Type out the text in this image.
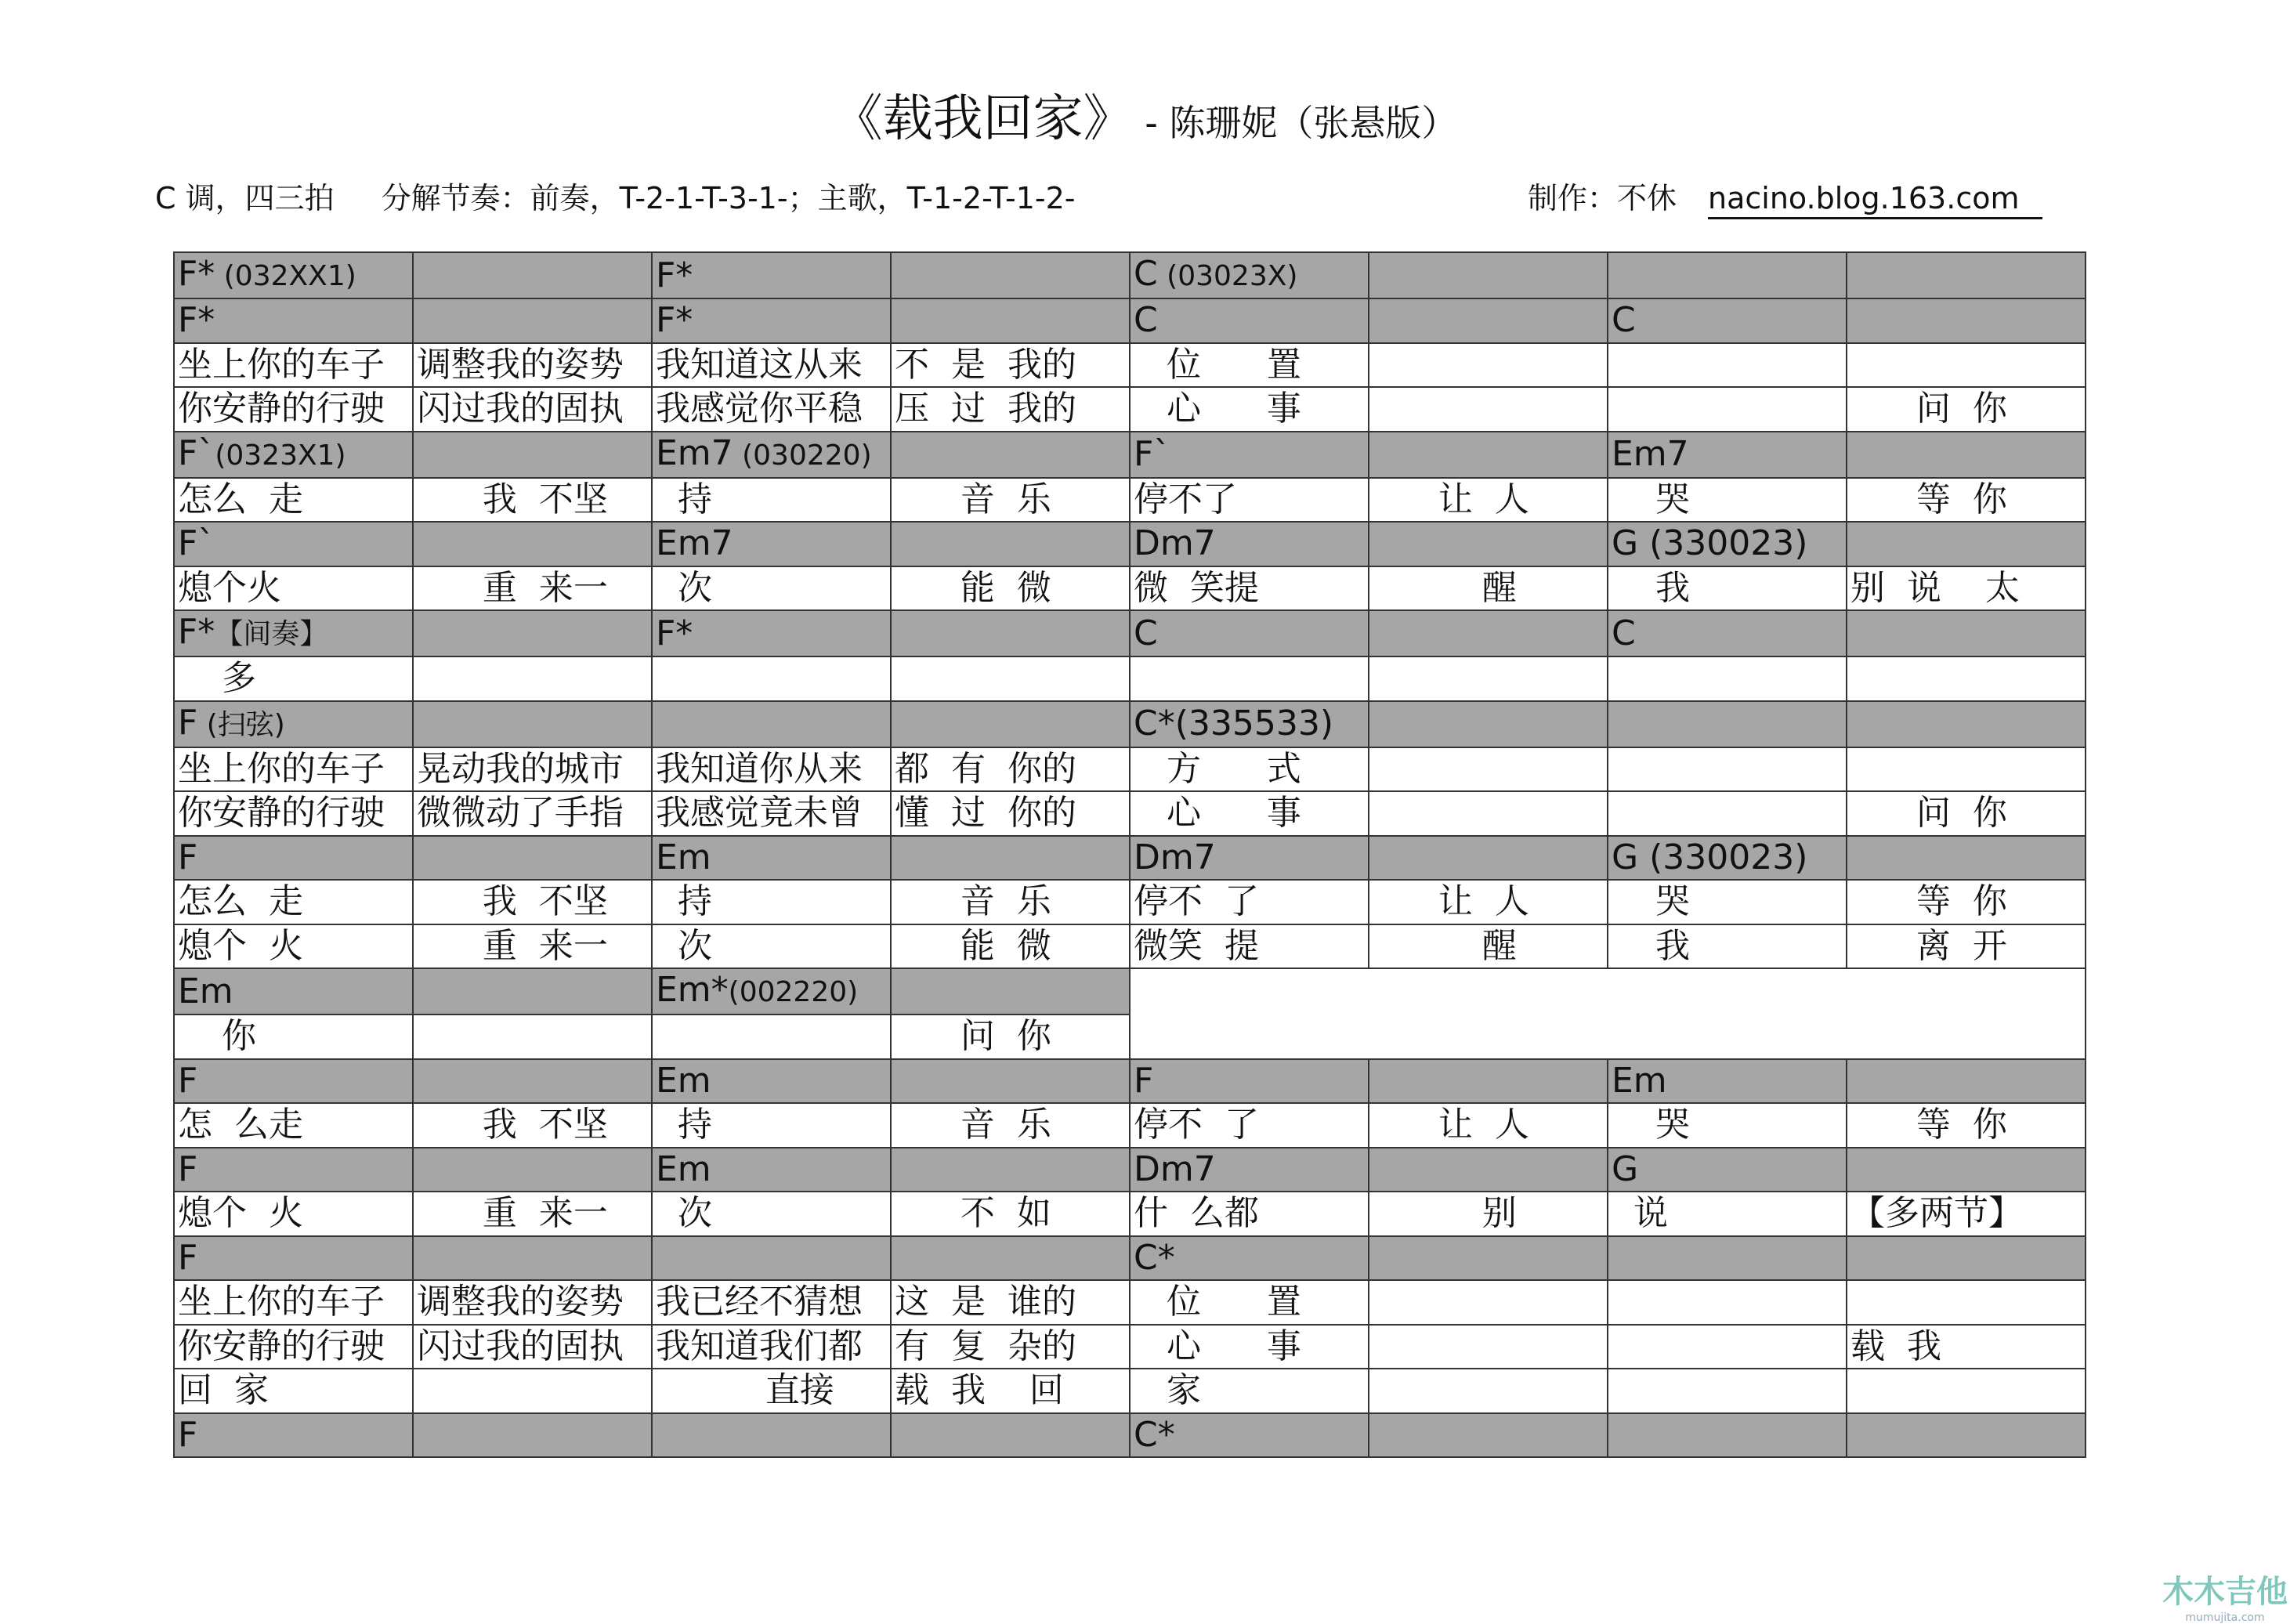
《载我回家》 - 陈珊妮（张悬版）
C 调，四三拍 分解节奏：前奏，T-2-1-T-3-1-；主歌，T-1-2-T-1-2-	制作：不休 nacino.blog.163.com
F* (032XX1)		F*		C (03023X)			
F*		F*		C		C	
坐上你的车子	调整我的姿势	我知道这从来	不  是  我的	位      置			
你安静的行驶	闪过我的固执	我感觉你平稳	压  过  我的	心      事			问  你
F`(0323X1)		Em7 (030220)		F`		Em7	
怎么  走	我  不坚	持	音  乐	停不了	让  人	哭	等  你
F`		Em7		Dm7		G (330023)	
熄个火	重  来一	次	能  微	微  笑提	醒	我	别  说    太
F*【间奏】		F*		C		C	
多							
F (扫弦)				C*(335533)			
坐上你的车子	晃动我的城市	我知道你从来	都  有  你的	方      式			
你安静的行驶	微微动了手指	我感觉竟未曾	懂  过  你的	心      事			问  你
F		Em		Dm7		G (330023)	
怎么  走	我  不坚	持	音  乐	停不  了	让  人	哭	等  你
熄个  火	重  来一	次	能  微	微笑  提	醒	我	离  开
Em		Em*(002220)					
你			问  你				
F		Em		F		Em	
怎  么走	我  不坚	持	音  乐	停不  了	让  人	哭	等  你
F		Em		Dm7		G	
熄个  火	重  来一	次	不  如	什  么都	别	说	【多两节】
F				C*			
坐上你的车子	调整我的姿势	我已经不猜想	这  是  谁的	位      置			
你安静的行驶	闪过我的固执	我知道我们都	有  复  杂的	心      事			载  我
回  家		直接	载  我    回	家			
F				C*			
木木吉他
mumujita.com
